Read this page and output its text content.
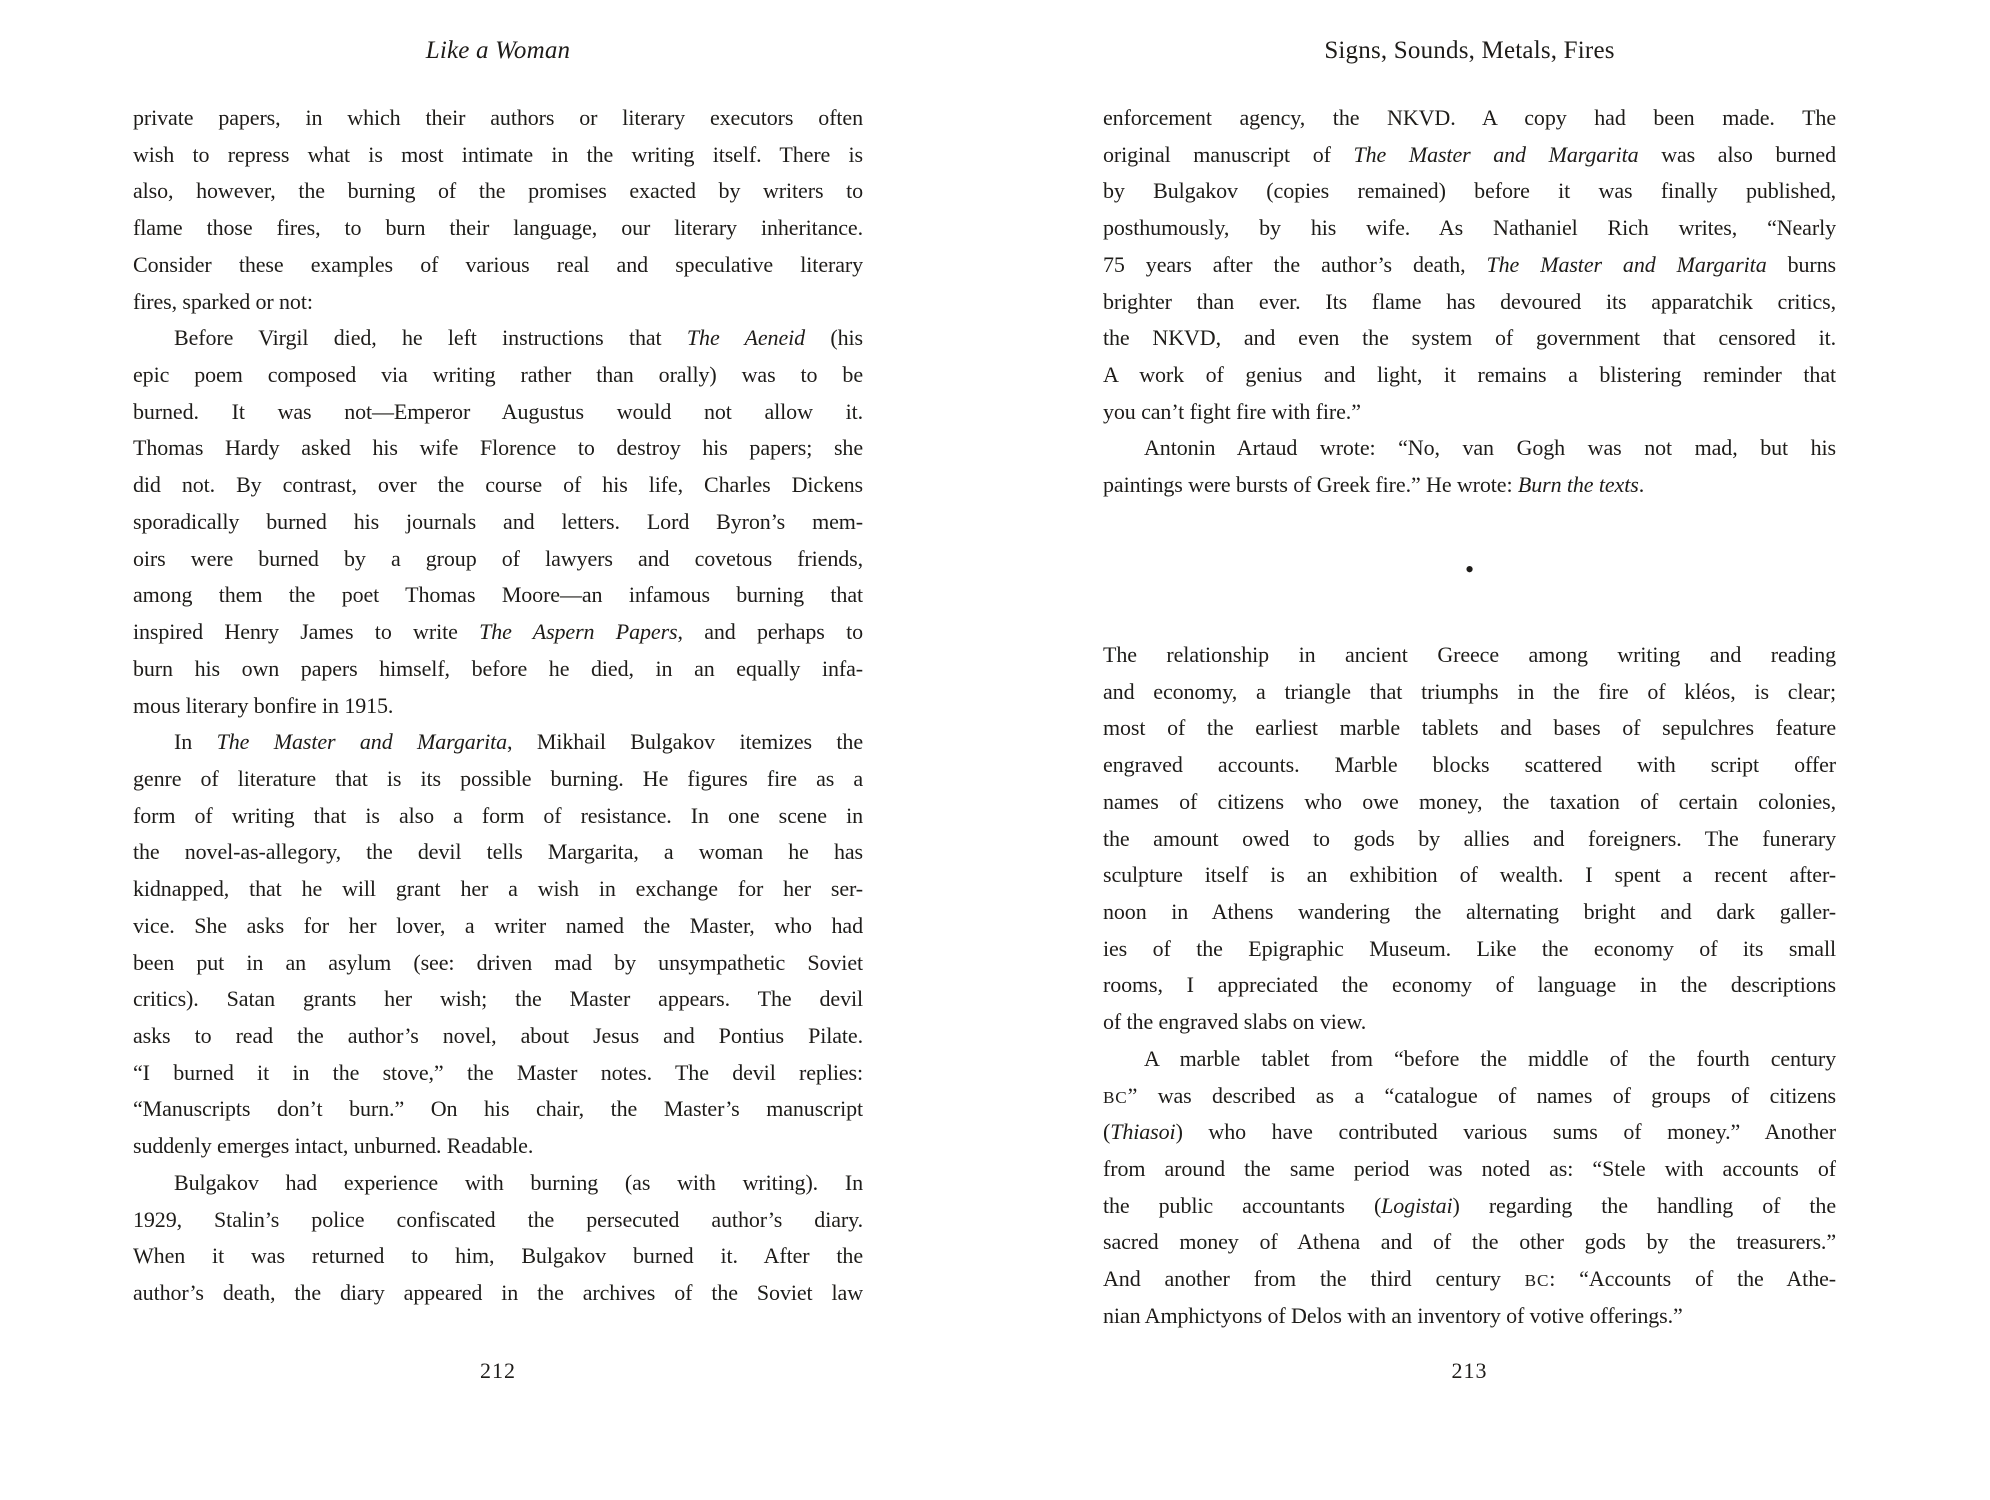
Like a Woman
private papers, in which their authors or literary executors often
wish to repress what is most intimate in the writing itself. There is
also, however, the burning of the promises exacted by writers to
flame those fires, to burn their language, our literary inheritance.
Consider these examples of various real and speculative literary
fires, sparked or not:
Before Virgil died, he left instructions that The Aeneid (his
epic poem composed via writing rather than orally) was to be
burned. It was not—Emperor Augustus would not allow it.
Thomas Hardy asked his wife Florence to destroy his papers; she
did not. By contrast, over the course of his life, Charles Dickens
sporadically burned his journals and letters. Lord Byron’s mem-
oirs were burned by a group of lawyers and covetous friends,
among them the poet Thomas Moore—an infamous burning that
inspired Henry James to write The Aspern Papers, and perhaps to
burn his own papers himself, before he died, in an equally infa-
mous literary bonfire in 1915.
In The Master and Margarita, Mikhail Bulgakov itemizes the
genre of literature that is its possible burning. He figures fire as a
form of writing that is also a form of resistance. In one scene in
the novel-as-allegory, the devil tells Margarita, a woman he has
kidnapped, that he will grant her a wish in exchange for her ser-
vice. She asks for her lover, a writer named the Master, who had
been put in an asylum (see: driven mad by unsympathetic Soviet
critics). Satan grants her wish; the Master appears. The devil
asks to read the author’s novel, about Jesus and Pontius Pilate.
“I burned it in the stove,” the Master notes. The devil replies:
“Manuscripts don’t burn.” On his chair, the Master’s manuscript
suddenly emerges intact, unburned. Readable.
Bulgakov had experience with burning (as with writing). In
1929, Stalin’s police confiscated the persecuted author’s diary.
When it was returned to him, Bulgakov burned it. After the
author’s death, the diary appeared in the archives of the Soviet law
212
Signs, Sounds, Metals, Fires
enforcement agency, the NKVD. A copy had been made. The
original manuscript of The Master and Margarita was also burned
by Bulgakov (copies remained) before it was finally published,
posthumously, by his wife. As Nathaniel Rich writes, “Nearly
75 years after the author’s death, The Master and Margarita burns
brighter than ever. Its flame has devoured its apparatchik critics,
the NKVD, and even the system of government that censored it.
A work of genius and light, it remains a blistering reminder that
you can’t fight fire with fire.”
Antonin Artaud wrote: “No, van Gogh was not mad, but his
paintings were bursts of Greek fire.” He wrote: Burn the texts.
•
The relationship in ancient Greece among writing and reading
and economy, a triangle that triumphs in the fire of kléos, is clear;
most of the earliest marble tablets and bases of sepulchres feature
engraved accounts. Marble blocks scattered with script offer
names of citizens who owe money, the taxation of certain colonies,
the amount owed to gods by allies and foreigners. The funerary
sculpture itself is an exhibition of wealth. I spent a recent after-
noon in Athens wandering the alternating bright and dark galler-
ies of the Epigraphic Museum. Like the economy of its small
rooms, I appreciated the economy of language in the descriptions
of the engraved slabs on view.
A marble tablet from “before the middle of the fourth century
BC” was described as a “catalogue of names of groups of citizens
(Thiasoi) who have contributed various sums of money.” Another
from around the same period was noted as: “Stele with accounts of
the public accountants (Logistai) regarding the handling of the
sacred money of Athena and of the other gods by the treasurers.”
And another from the third century BC: “Accounts of the Athe-
nian Amphictyons of Delos with an inventory of votive offerings.”
213
